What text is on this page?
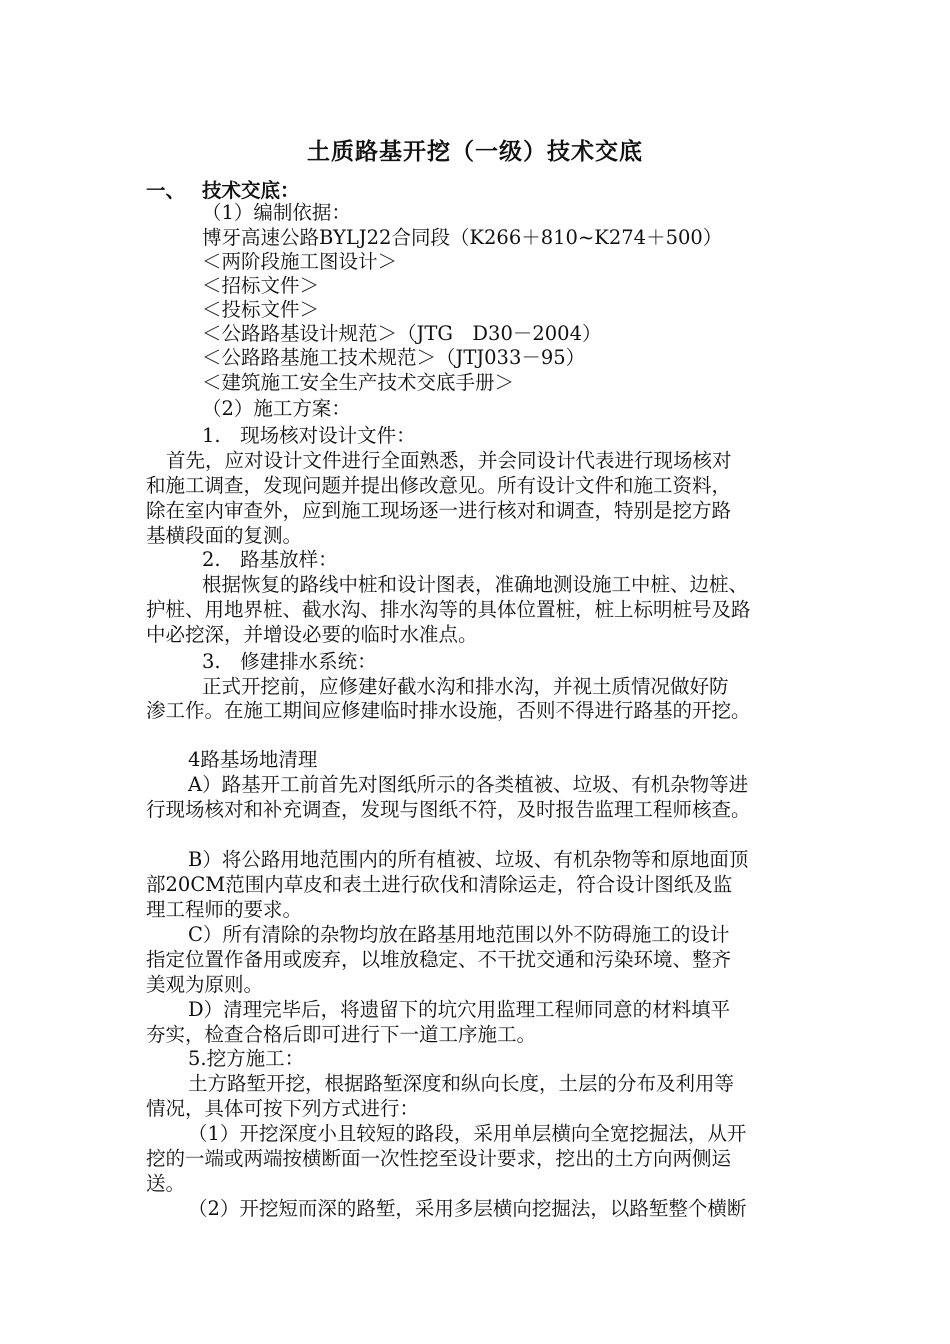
土质路基开挖（一级）技术交底
一、 技术交底：
（1）编制依据：
博牙高速公路BYLJ22合同段（K266＋810~K274＋500）
＜两阶段施工图设计＞
＜招标文件＞
＜投标文件＞
＜公路路基设计规范＞（JTG　D30－2004）
＜公路路基施工技术规范＞（JTJ033－95）
＜建筑施工安全生产技术交底手册＞
（2）施工方案：
1.　现场核对设计文件：
首先，应对设计文件进行全面熟悉，并会同设计代表进行现场核对
和施工调查，发现问题并提出修改意见。所有设计文件和施工资料，
除在室内审查外，应到施工现场逐一进行核对和调查，特别是挖方路
基横段面的复测。
2.　路基放样：
根据恢复的路线中桩和设计图表，准确地测设施工中桩、边桩、
护桩、用地界桩、截水沟、排水沟等的具体位置桩，桩上标明桩号及路
中必挖深，并增设必要的临时水准点。
3.　修建排水系统：
正式开挖前，应修建好截水沟和排水沟，并视土质情况做好防
渗工作。在施工期间应修建临时排水设施，否则不得进行路基的开挖。
4路基场地清理
A）路基开工前首先对图纸所示的各类植被、垃圾、有机杂物等进
行现场核对和补充调查，发现与图纸不符，及时报告监理工程师核查。
B）将公路用地范围内的所有植被、垃圾、有机杂物等和原地面顶
部20CM范围内草皮和表土进行砍伐和清除运走，符合设计图纸及监
理工程师的要求。
C）所有清除的杂物均放在路基用地范围以外不防碍施工的设计
指定位置作备用或废弃，以堆放稳定、不干扰交通和污染环境、整齐
美观为原则。
D）清理完毕后，将遗留下的坑穴用监理工程师同意的材料填平
夯实，检查合格后即可进行下一道工序施工。
5.挖方施工：
土方路堑开挖，根据路堑深度和纵向长度，土层的分布及利用等
情况，具体可按下列方式进行：
（1）开挖深度小且较短的路段，采用单层横向全宽挖掘法，从开
挖的一端或两端按横断面一次性挖至设计要求，挖出的土方向两侧运
送。
（2）开挖短而深的路堑，采用多层横向挖掘法，以路堑整个横断
